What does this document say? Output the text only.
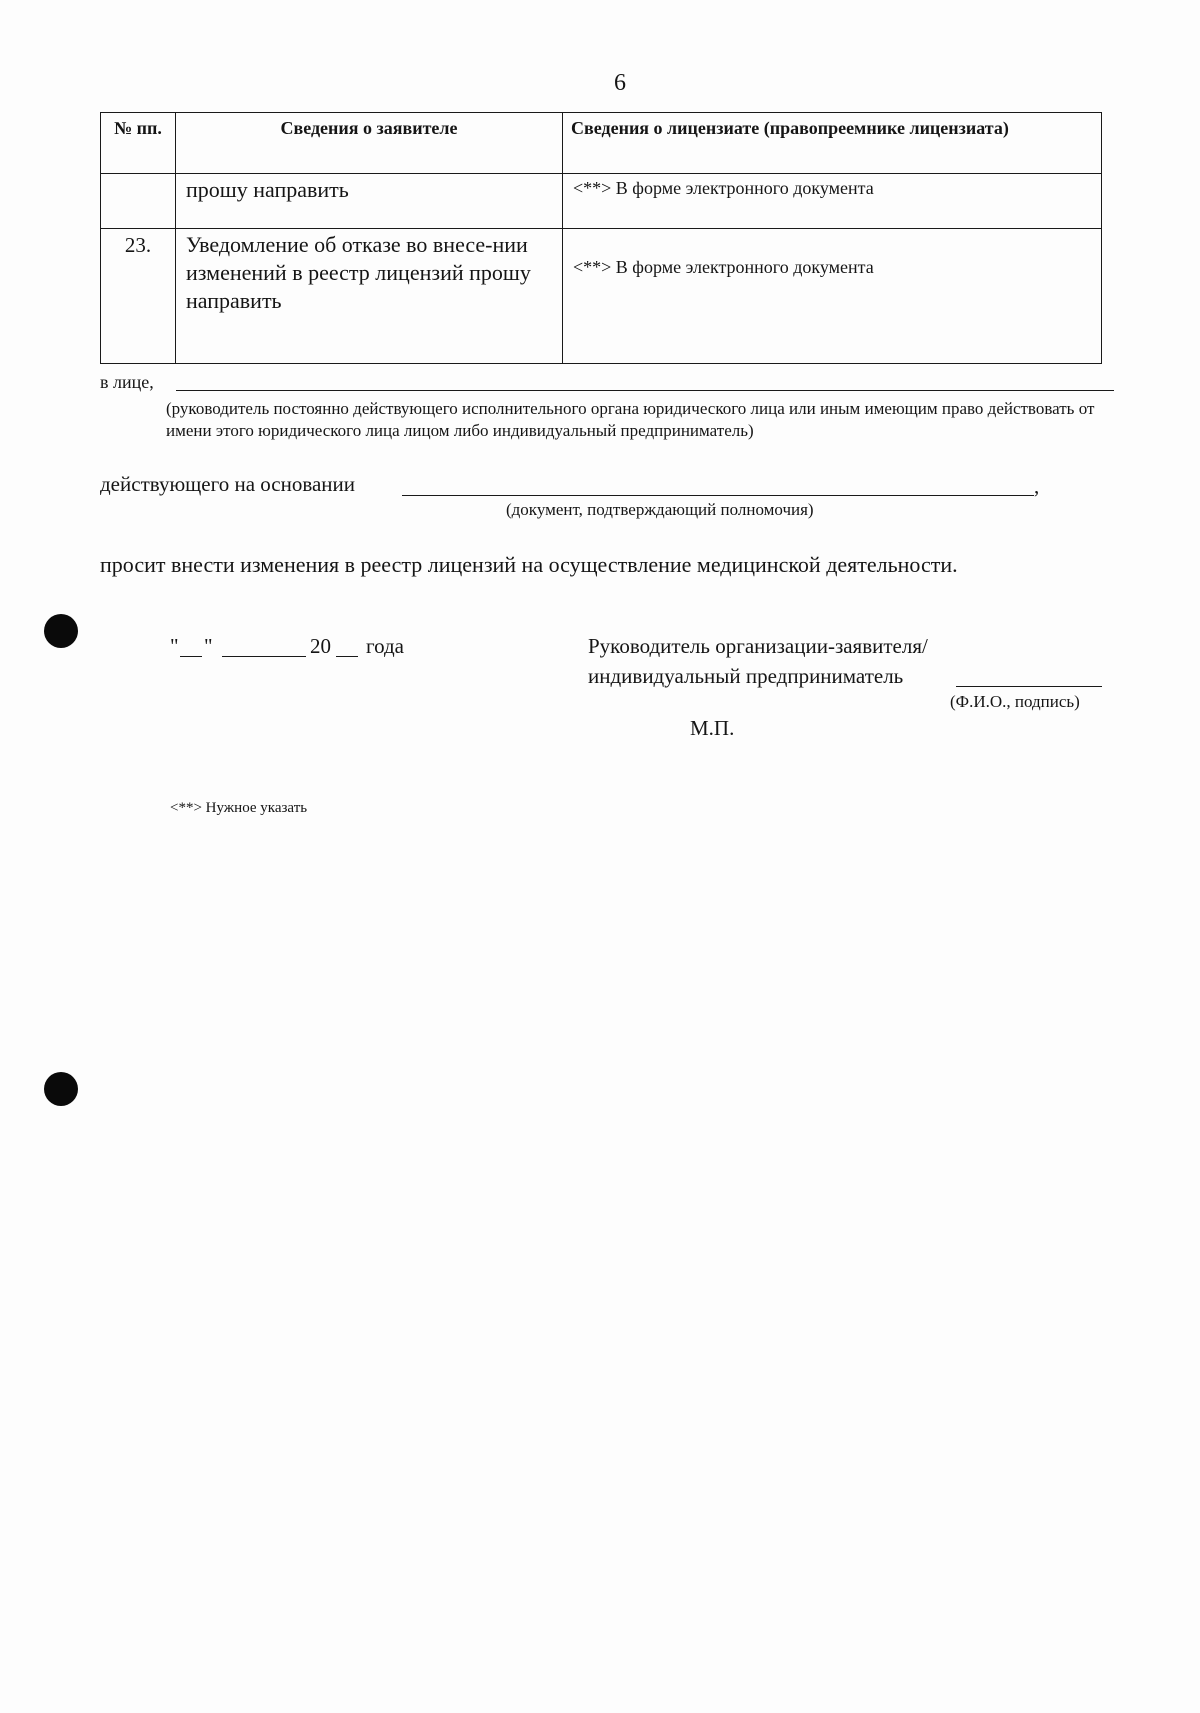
6
№ пп.	Сведения о заявителе	Сведения о лицензиате (правопреемнике лицензиата)
	прошу направить	<**> В форме электронного документа
23.	Уведомление об отказе во внесе-нии изменений в реестр лицензий прошу направить	<**> В форме электронного документа
в лице,
(руководитель постоянно действующего исполнительного органа юридического лица или иным имеющим право действовать от имени этого юридического лица лицом либо индивидуальный предприниматель)
действующего на основании	,
(документ, подтверждающий полномочия)
просит внести изменения в реестр лицензий на осуществление медицинской деятельности.
" "	20 года	Руководитель организации-заявителя/
индивидуальный предприниматель
(Ф.И.О., подпись)
М.П.
<**> Нужное указать
